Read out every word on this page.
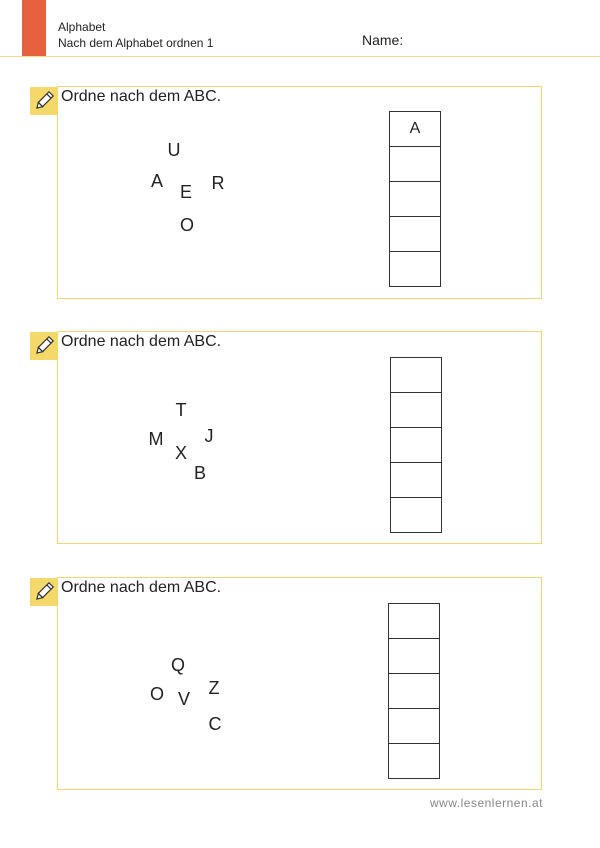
Alphabet
Nach dem Alphabet ordnen 1	Name:
Ordne nach dem ABC.
U
A
E R
O
A
Ordne nach dem ABC.
T
M	J
X
B
Ordne nach dem ABC.
Q
O Z
V
C
www.lesenlernen.at
